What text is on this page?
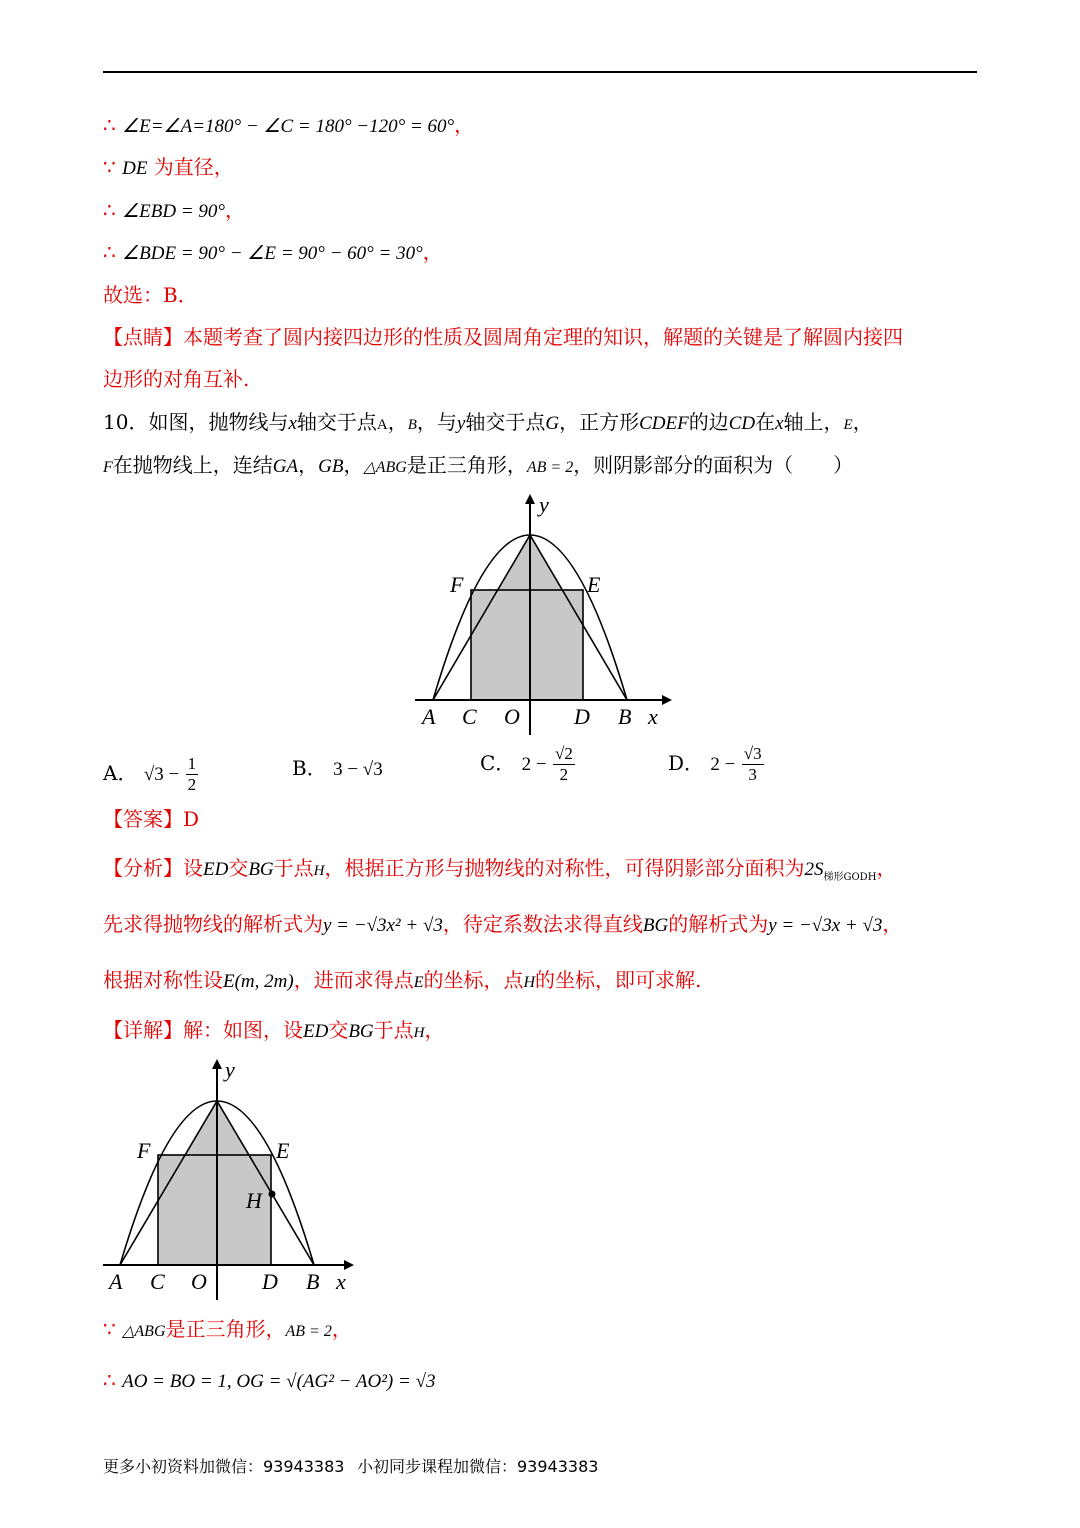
∴ ∠E=∠A=180° − ∠C = 180° −120° = 60°，
∵ DE 为直径，
∴ ∠EBD = 90°，
∴ ∠BDE = 90° − ∠E = 90° − 60° = 30°，
故选：B．
【点睛】本题考查了圆内接四边形的性质及圆周角定理的知识，解题的关键是了解圆内接四
边形的对角互补.
10．如图，抛物线与x轴交于点A，B，与y轴交于点G，正方形CDEF的边CD在x轴上，E，
F在抛物线上，连结GA，GB，△ABG是正三角形，AB = 2，则阴影部分的面积为（　　）
y
F	E
A C O D B x
A． $√3 - \frac{1}{2}$	B． 3 − √3	C． $2 - \frac{√2}{2}$	D． $2 - \frac{√3}{3}$
【答案】D
【分析】设ED交BG于点H，根据正方形与抛物线的对称性，可得阴影部分面积为$2S_{梯形GODH}$，
先求得抛物线的解析式为y = −√3x² + √3，待定系数法求得直线BG的解析式为y = −√3x + √3，
根据对称性设E(m, 2m)，进而求得点E的坐标，点H的坐标，即可求解.
【详解】解：如图，设ED交BG于点H，
y
F	E
H
A C O	D B x
∵ △ABG是正三角形，AB = 2，
∴ AO = BO = 1, OG = √(AG² − AO²) = √3
更多小初资料加微信：93943383 小初同步课程加微信：93943383
